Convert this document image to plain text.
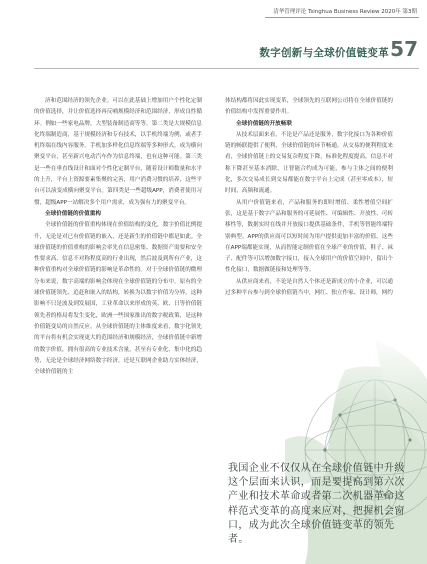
清华管理评论 Tsinghua Business Review 2020年 第3期
数字创新与全球价值链变革 57

济和范围经济的领先企业。可以在此基础上增加用户个性化定制的价值选择，并让价值选择再反哺规模经济和范围经济，形成良性循环。例如一些家电品牌，大型装备制造商等等。第二类是大规模信息化终端制造商，基于规模经济和专有技术，以手机终端为例，或者手机终端在线内容服务。手机加多样化信息终端等多种形式，成为横向聚变平台，甚至新兴电动汽车作为信息终端，也有这种可能。第三类是一些在垂直线设计和面对个性化定制平台，随着设计师数量和水平的上升，平台上资源要素集聚的完善，用户消费习惯的培养，这些平台可以演变成横向聚变平台。第四类是一些超级APP，消费者使用习惯，超级APP一站解决多个用户需求，成为强有力的聚变平台。

全球价值链的价值重构

全球价值链的价值重构体现在价值结构的变化。数字价值比例提升，无论是对已有价值链的嵌入，还是新生的价值链中都是如此。全球价值链的价值重构的影响会率先在信息密集、数据资产需要和安全性要求高、信息不对称程度高的行业出现，然后波及到所有产业，这种价值重构对全球价值链的影响是革命性的。对于全球价值链的微理分布来说，数字高端的影响会体现在全球价值链的分布中，原有的全球价值链领先、追赶和嵌入的结构，转换为以数字价值为分界。这种影响不只是波及到发展国，工业革命以来形成的英、欧、日等价值链领先者的格局将发生变化，欧洲一些国家推出的数字税政策，是这种价值链变局的自然反应。从全球价值链的主体维度来看，数字化领先的平台将有机会实现更大的范围经济和规模经济，全球价值链中新增的数字价值，拥有很高的专业技术含量，甚至有专业化、集中化的趋势，无论是全球经济网络数字经济，还是互联网企业助力实体经济，全球价值链的主

体结构都将因此实现变革，全球领先的互联网公司将在全球价值链的价值结构中发挥重要作用。

全球价值链的开放畅联

从技术层面来看，不论是产品还是服务，数字化接口为各种价值链的畅联提供了便利，全球价值链的环节畅通，从交易的便利程度来看，全球价值链上的交易复杂程度下降，标准化程度提高，信息不对称下降甚至基本消除，让智能合约成为可能，参与主体之间的便利化，多次交易成长到交易都能在数字平台上完成（甚至零成本），短时间，高频和流通。

从用户价值链来看，产品和服务的即时增值、柔性增值空间扩张，这是基于数字产品和服务的可延展性、可编辑性、开放性、可转移性等，数据实时在线并开放接口提供基础条件，手机等智能终端特别典型。APP的供应商可以短时间为用户提供更加丰富的价值，这些在APP端都能实现，从而智能定制价值在全球产业的价值，鞋子、袜子、配件等可以增加数字接口，接入全球用户的价值空间中，留出个性化接口，数据做链接和处理等等。

从供应商来看，不论是自然人个体还是新成立的小企业，可以通过多种平台参与到全球价值链当中，网红、独立作家、设计师，网约

我国企业不仅仅从在全球价值链中升级这个层面来认识，而是要提高到第六次产业和技术革命或者第二次机器革命这样范式变革的高度来应对，把握机会窗口，成为此次全球价值链变革的领先者。
